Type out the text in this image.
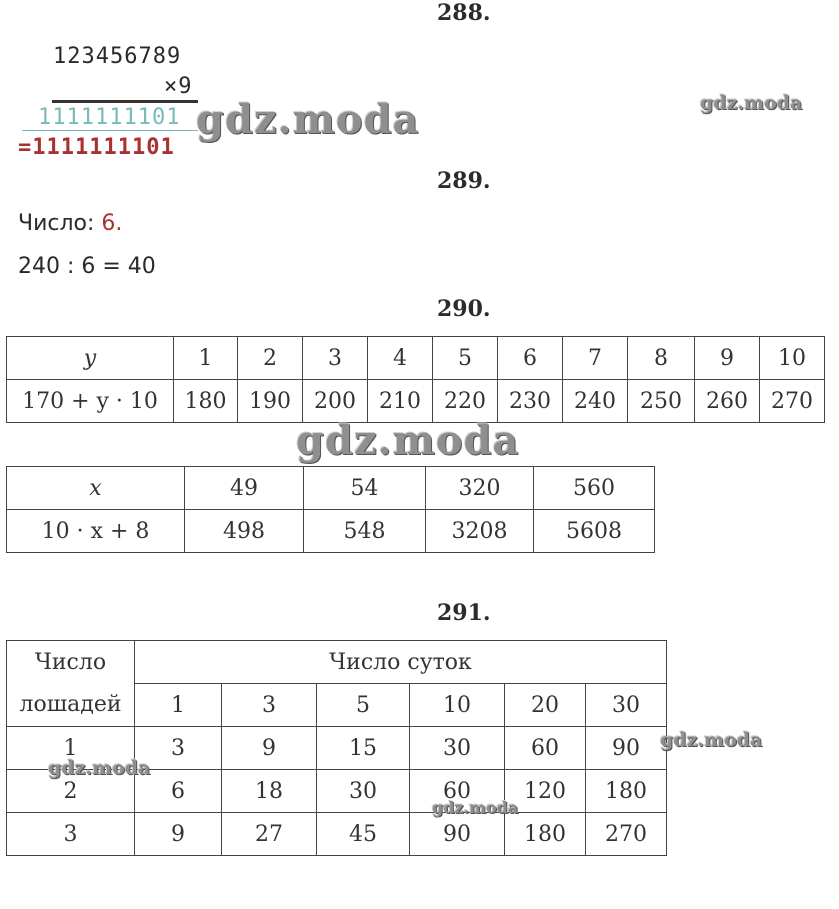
288.
123456789
×9
1111111101
=1111111101
289.
Число: 6.
240 : 6 = 40
290.
y	1	2	3	4	5	6	7	8	9	10
170 + y · 10	180	190	200	210	220	230	240	250	260	270
x	49	54	320	560
10 · x + 8	498	548	3208	5608
291.
Число	Число суток					
лошадей	1	3	5	10	20	30
1	3	9	15	30	60	90
2	6	18	30	60	120	180
3	9	27	45	90	180	270
gdz.moda	gdz.moda
gdz.moda
gdz.moda
gdz.moda
gdz.moda
